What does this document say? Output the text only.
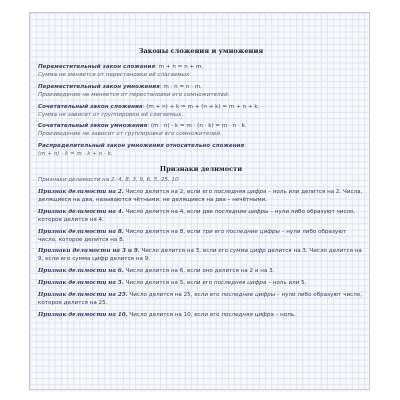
Законы сложения и умножения
Переместительный закон сложения: m + n = n + m.
Сумма не меняется от перестановки её слагаемых.
Переместительный закон умножения: m · n = n · m.
Произведение не меняется от перестановки его сомножителей.
Сочетательный закон сложения: (m + n) + k = m + (n + k) = m + n + k.
Сумма не зависит от группировки её слагаемых.
Сочетательный закон умножения: (m · n) · k = m · (n · k) = m · n · k.
Произведение не зависит от группировки его сомножителей.
Распределительный закон умножения относительно сложения:
(m + n) · k = m · k + n · k.
Признаки делимости
Признаки делимости на 2, 4, 8, 3, 9, 6, 5, 25, 10
Признак делимости на 2. Число делится на 2, если его последняя цифра – ноль или делится на 2. Числа, делящиеся на два, называются чётными, не делящиеся на два – нечётными.
Признак делимости на 4. Число делится на 4, если две последние цифры – нули либо образуют число, которое делится на 4.
Признак делимости на 8. Число делится на 8, если три его последние цифры – нули либо образуют число, которое делится на 8.
Признаки делимости на 3 и 9. Число делится на 3, если его сумма цифр делится на 3. Число делится на 9, если его сумма цифр делится на 9.
Признак делимости на 6. Число делится на 6, если оно делится на 2 и на 3.
Признак делимости на 5. Число делится на 5, если его последняя цифра – ноль или 5.
Признак делимости на 25. Число делится на 25, если его последние цифры – нули либо образуют число, которое делится на 25.
Признак делимости на 10. Число делится на 10, если его последняя цифра – ноль.
